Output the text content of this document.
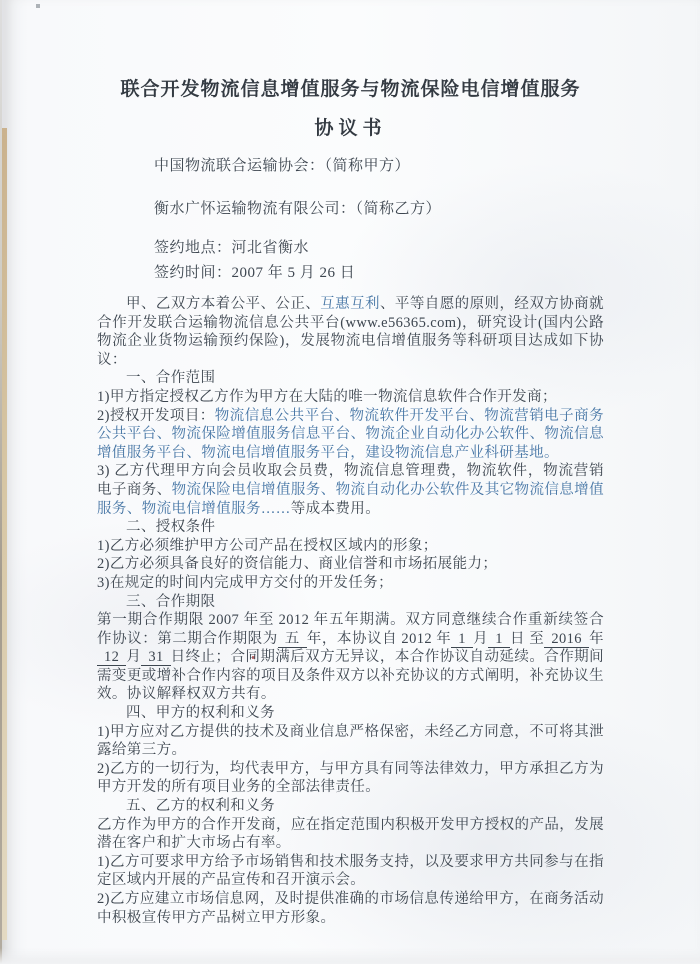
联合开发物流信息增值服务与物流保险电信增值服务
协议书

中国物流联合运输协会：（简称甲方）

衡水广怀运输物流有限公司：（简称乙方）

签约地点：河北省衡水

签约时间：2007 年 5 月 26 日

甲、乙双方本着公平、公正、互惠互利、平等自愿的原则，经双方协商就合作开发联合运输物流信息公共平台(www.e56365.com)，研究设计(国内公路物流企业货物运输预约保险)，发展物流电信增值服务等科研项目达成如下协议：

一、合作范围

1)甲方指定授权乙方作为甲方在大陆的唯一物流信息软件合作开发商；

2)授权开发项目：物流信息公共平台、物流软件开发平台、物流营销电子商务公共平台、物流保险增值服务信息平台、物流企业自动化办公软件、物流信息增值服务平台、物流电信增值服务平台，建设物流信息产业科研基地。

3) 乙方代理甲方向会员收取会员费，物流信息管理费，物流软件，物流营销电子商务、物流保险电信增值服务、物流自动化办公软件及其它物流信息增值服务、物流电信增值服务……等成本费用。

二、授权条件

1)乙方必须维护甲方公司产品在授权区域内的形象；

2)乙方必须具备良好的资信能力、商业信誉和市场拓展能力；

3)在规定的时间内完成甲方交付的开发任务；

三、合作期限

第一期合作期限 2007 年至 2012 年五年期满。双方同意继续合作重新续签合作协议：第二期合作期限为 五 年，本协议自 2012 年 1 月 1 日 至 2016 年12 月 31 日终止；合同期满后双方无异议，本合作协议自动延续。合作期间需变更或增补合作内容的项目及条件双方以补充协议的方式阐明，补充协议生效。协议解释权双方共有。

四、甲方的权利和义务

1)甲方应对乙方提供的技术及商业信息严格保密，未经乙方同意，不可将其泄露给第三方。

2)乙方的一切行为，均代表甲方，与甲方具有同等法律效力，甲方承担乙方为甲方开发的所有项目业务的全部法律责任。

五、乙方的权利和义务

乙方作为甲方的合作开发商，应在指定范围内积极开发甲方授权的产品，发展潜在客户和扩大市场占有率。

1)乙方可要求甲方给予市场销售和技术服务支持，以及要求甲方共同参与在指定区域内开展的产品宣传和召开演示会。

2)乙方应建立市场信息网，及时提供准确的市场信息传递给甲方，在商务活动中积极宣传甲方产品树立甲方形象。
